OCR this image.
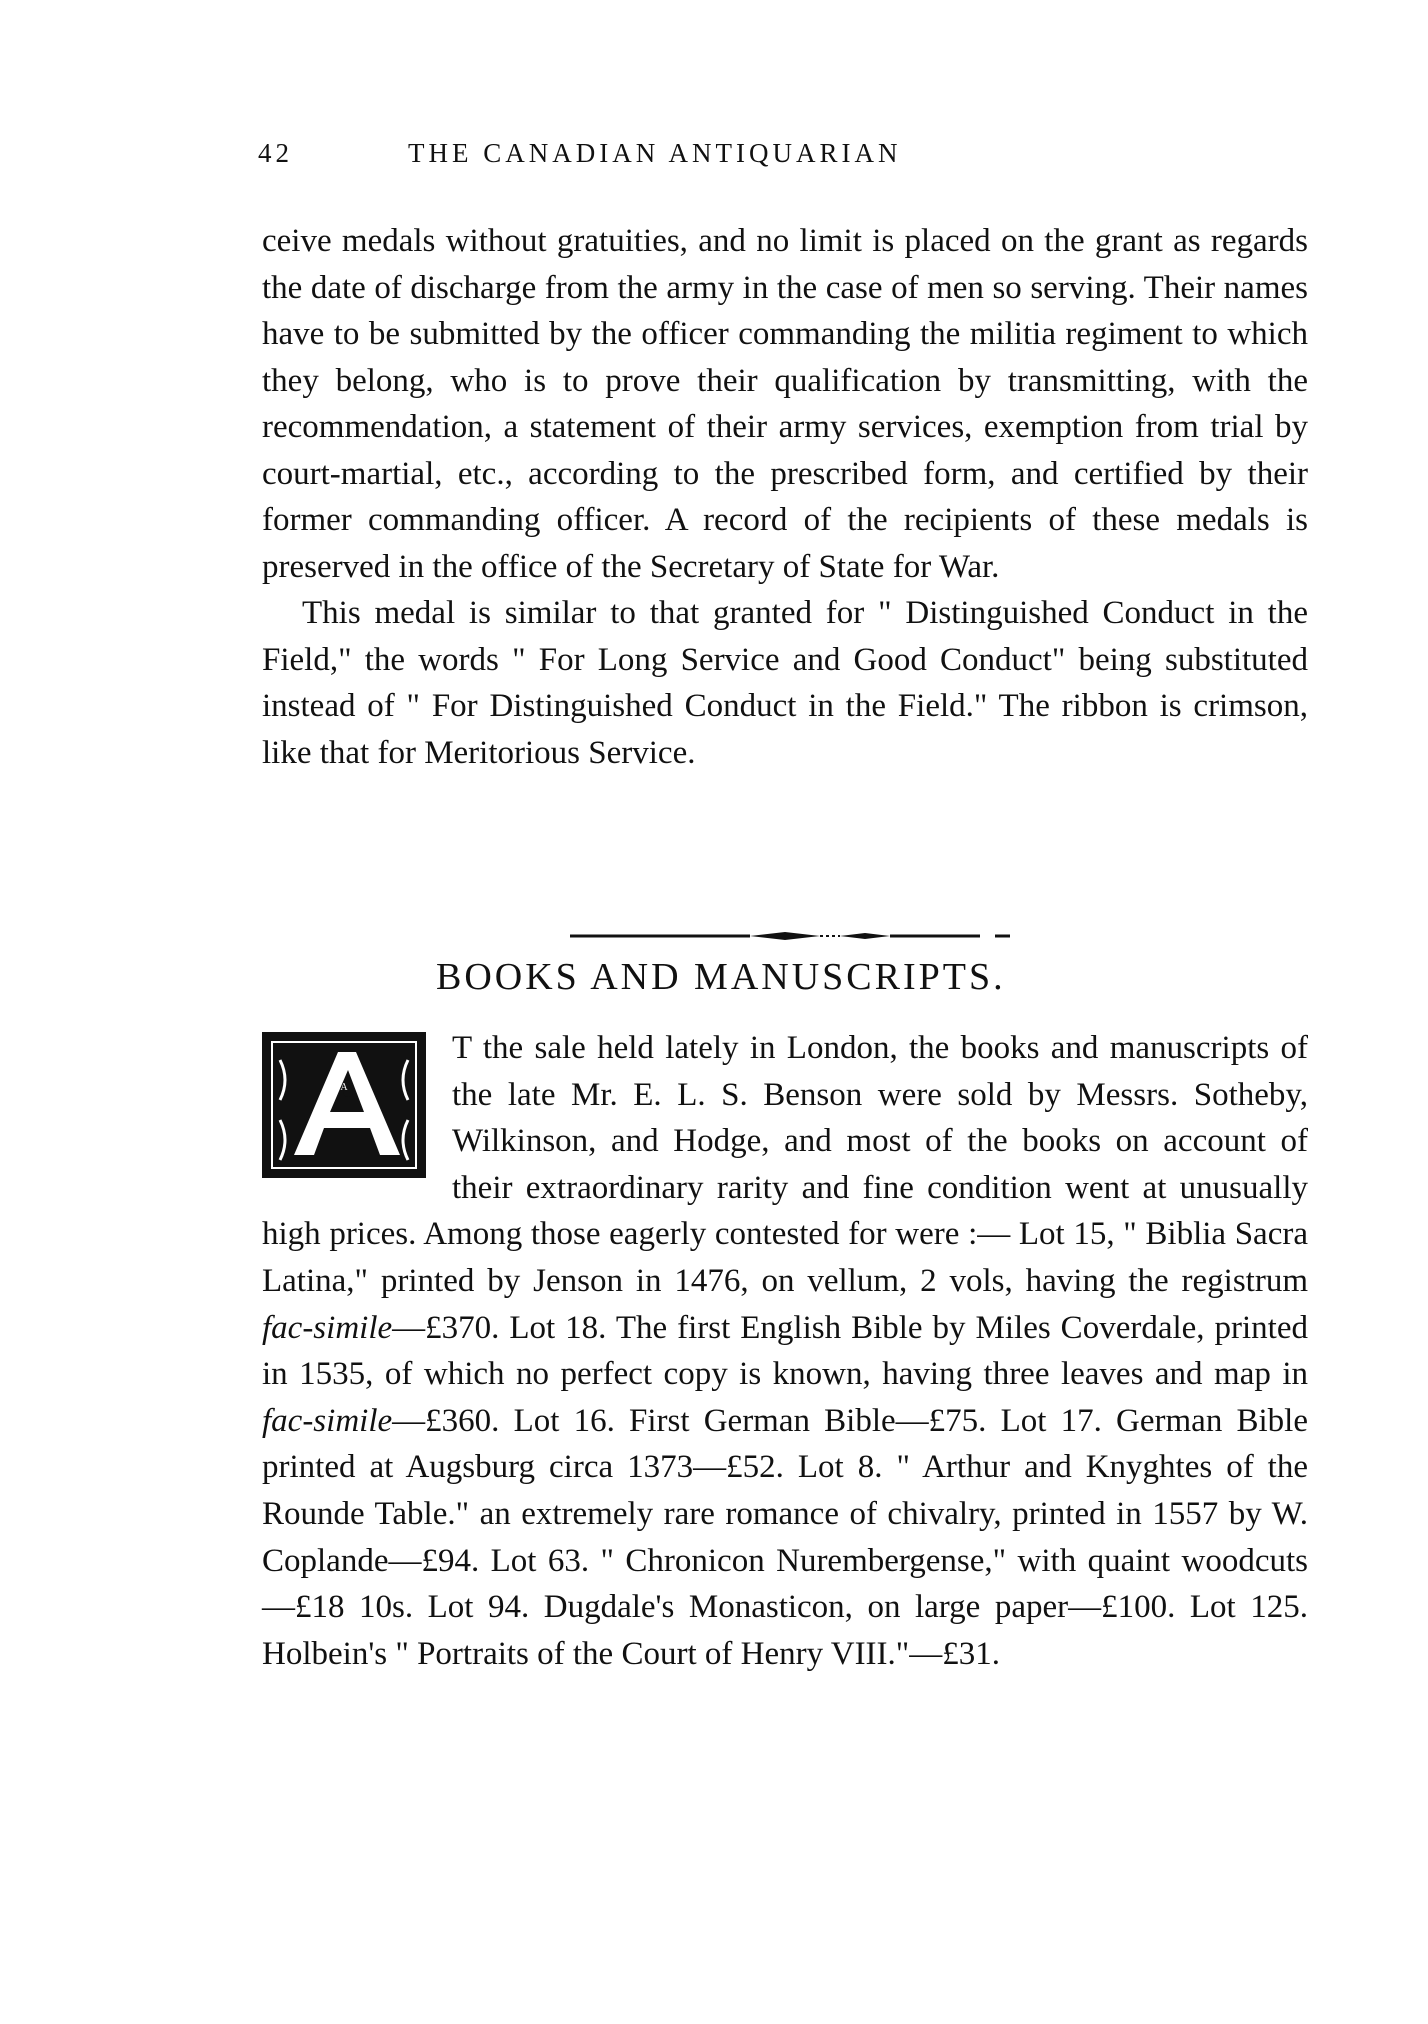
42	THE CANADIAN ANTIQUARIAN

ceive medals without gratuities, and no limit is placed on the grant as regards the date of discharge from the army in the case of men so serving. Their names have to be submitted by the officer commanding the militia regiment to which they belong, who is to prove their qualification by transmitting, with the recommendation, a statement of their army services, exemption from trial by court-martial, etc., according to the prescribed form, and certified by their former commanding officer. A record of the recipients of these medals is preserved in the office of the Secretary of State for War.

This medal is similar to that granted for " Distinguished Conduct in the Field," the words " For Long Service and Good Conduct" being substituted instead of " For Distinguished Conduct in the Field." The ribbon is crimson, like that for Meritorious Service.

BOOKS AND MANUSCRIPTS.
T the sale held lately in London, the books and manuscripts of the late Mr. E. L. S. Benson were sold by Messrs. Sotheby, Wilkinson, and Hodge, and most of the books on account of their extraordinary rarity and fine condition went at unusually high prices. Among those eagerly contested for were :— Lot 15, " Biblia Sacra Latina," printed by Jenson in 1476, on vellum, 2 vols, having the registrum fac-simile—£370. Lot 18. The first English Bible by Miles Coverdale, printed in 1535, of which no perfect copy is known, having three leaves and map in fac-simile—£360. Lot 16. First German Bible—£75. Lot 17. German Bible printed at Augsburg circa 1373—£52. Lot 8. " Arthur and Knyghtes of the Rounde Table." an extremely rare romance of chivalry, printed in 1557 by W. Coplande—£94. Lot 63. " Chronicon Nurembergense," with quaint woodcuts—£18 10s. Lot 94. Dugdale's Monasticon, on large paper—£100. Lot 125. Holbein's " Portraits of the Court of Henry VIII."—£31.
A
